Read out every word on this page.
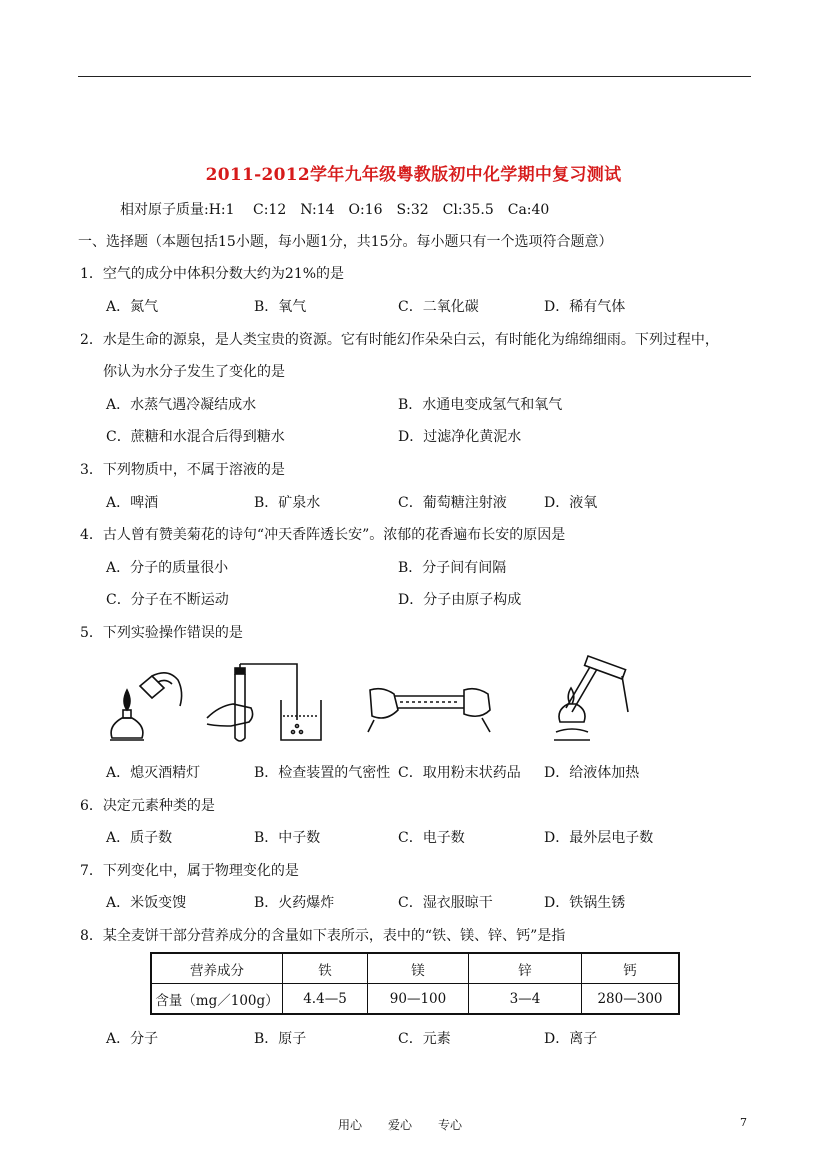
2011-2012学年九年级粤教版初中化学期中复习测试
相对原子质量:H:1　 C:12　N:14　O:16　S:32　Cl:35.5　Ca:40
一、选择题（本题包括15小题，每小题1分，共15分。每小题只有一个选项符合题意）
1．空气的成分中体积分数大约为21%的是
A．氮气	B．氧气	C．二氧化碳	D．稀有气体
2．水是生命的源泉，是人类宝贵的资源。它有时能幻作朵朵白云，有时能化为绵绵细雨。下列过程中，
你认为水分子发生了变化的是
A．水蒸气遇冷凝结成水	B．水通电变成氢气和氧气
C．蔗糖和水混合后得到糖水	D．过滤净化黄泥水
3．下列物质中，不属于溶液的是
A．啤酒	B．矿泉水	C．葡萄糖注射液	D．液氧
4．古人曾有赞美菊花的诗句“冲天香阵透长安”。浓郁的花香遍布长安的原因是
A．分子的质量很小	B．分子间有间隔
C．分子在不断运动	D．分子由原子构成
5．下列实验操作错误的是
A．熄灭酒精灯	B．检查装置的气密性 C．取用粉末状药品 D．给液体加热
6．决定元素种类的是
A．质子数	B．中子数	C．电子数	D．最外层电子数
7．下列变化中，属于物理变化的是
A．米饭变馊	B．火药爆炸	C．湿衣服晾干	D．铁锅生锈
8．某全麦饼干部分营养成分的含量如下表所示，表中的“铁、镁、锌、钙”是指
营养成分	铁	镁	锌	钙
含量（mg／100g）	4.4—5	90—100	3—4	280—300
A．分子	B．原子	C．元素	D．离子
用心 爱心 专心	7
